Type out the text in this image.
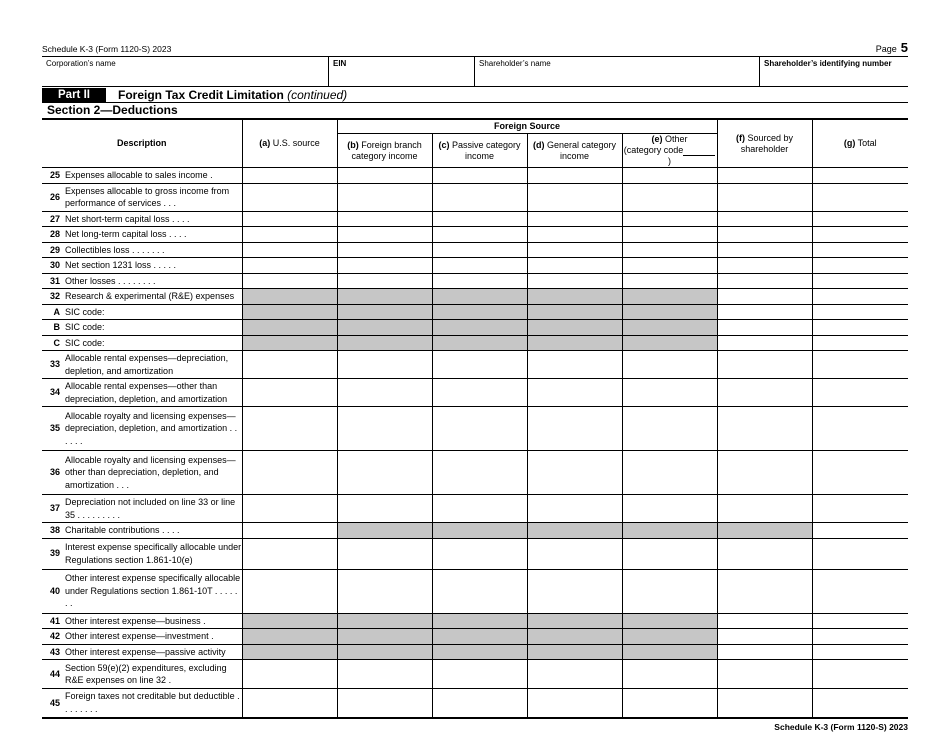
Schedule K-3 (Form 1120-S) 2023	Page 5
Corporation’s name	EIN	Shareholder’s name	Shareholder’s identifying number
Part II	Foreign Tax Credit Limitation (continued)
Section 2—Deductions
Description	(a) U.S. source	Foreign Source				(f) Sourced by shareholder	(g) Total
		(b) Foreign branch category income	(c) Passive category income	(d) General category income	(e) Other
(category code)		

25 Expenses allocable to sales income .							

26
Expenses allocable to gross income from performance of services . . .							

27 Net short-term capital loss . . . .							

28 Net long-term capital loss . . . .							

29 Collectibles loss . . . . . . .							

30 Net section 1231 loss . . . . .							

31 Other losses . . . . . . . .							

32 Research & experimental (R&E) expenses							

A SIC code:							

B SIC code:							

C SIC code:							

33
Allocable rental expenses—depreciation, depletion, and amortization							

34
Allocable rental expenses—other than depreciation, depletion, and amortization							

35
Allocable royalty and licensing expenses—depreciation, depletion, and amortization . . . . . .							

36
Allocable royalty and licensing expenses—other than depreciation, depletion, and amortization . . .							

37
Depreciation not included on line 33 or line 35 . . . . . . . . .							

38 Charitable contributions . . . .							

39
Interest expense specifically allocable under Regulations section 1.861-10(e)							

40
Other interest expense specifically allocable under Regulations section 1.861-10T . . . . . . .							

41 Other interest expense—business .							

42 Other interest expense—investment .							

43 Other interest expense—passive activity							

44
Section 59(e)(2) expenditures, excluding R&E expenses on line 32 .							

45
Foreign taxes not creditable but deductible . . . . . . . .							

Schedule K-3 (Form 1120-S) 2023
